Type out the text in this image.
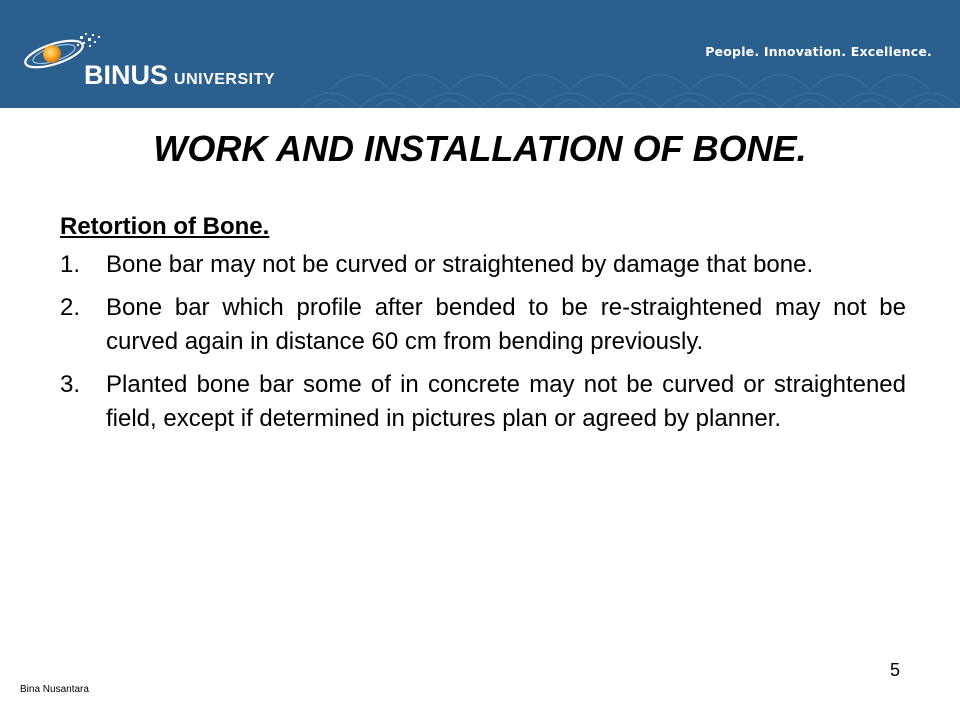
BINUS UNIVERSITY
People. Innovation. Excellence.
WORK AND INSTALLATION OF BONE.
Retortion of Bone.
1. Bone bar may not be curved or straightened by damage that bone.
2. Bone bar which profile after bended to be re-straightened may not be curved again in distance 60 cm from bending previously.
3. Planted bone bar some of in concrete may not be curved or straightened field, except if determined in pictures plan or agreed by planner.
Bina Nusantara
5
